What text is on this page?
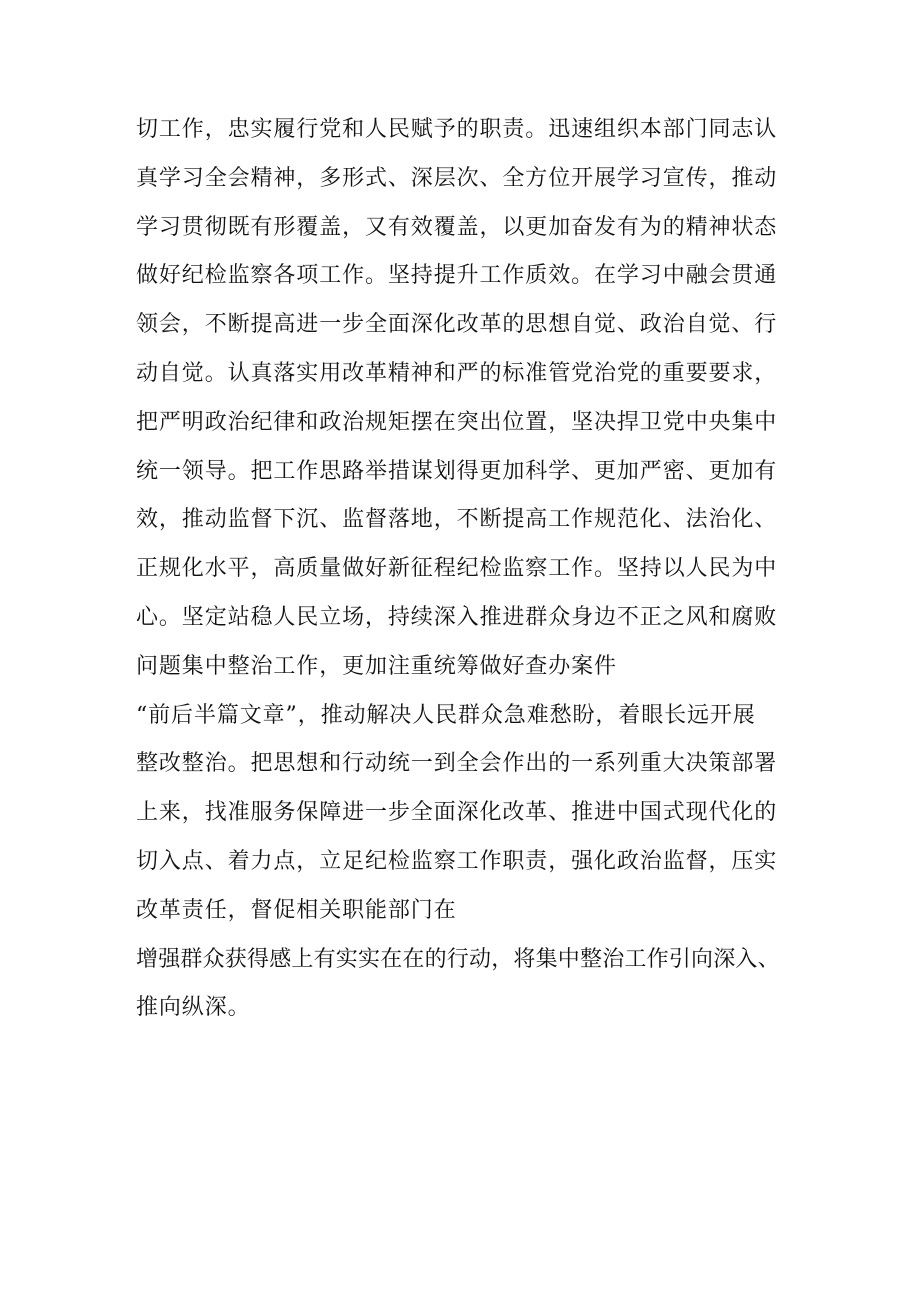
切工作，忠实履行党和人民赋予的职责。迅速组织本部门同志认
真学习全会精神，多形式、深层次、全方位开展学习宣传，推动
学习贯彻既有形覆盖，又有效覆盖，以更加奋发有为的精神状态
做好纪检监察各项工作。坚持提升工作质效。在学习中融会贯通
领会，不断提高进一步全面深化改革的思想自觉、政治自觉、行
动自觉。认真落实用改革精神和严的标准管党治党的重要要求，
把严明政治纪律和政治规矩摆在突出位置，坚决捍卫党中央集中
统一领导。把工作思路举措谋划得更加科学、更加严密、更加有
效，推动监督下沉、监督落地，不断提高工作规范化、法治化、
正规化水平，高质量做好新征程纪检监察工作。坚持以人民为中
心。坚定站稳人民立场，持续深入推进群众身边不正之风和腐败
问题集中整治工作，更加注重统筹做好查办案件
“前后半篇文章”，推动解决人民群众急难愁盼，着眼长远开展
整改整治。把思想和行动统一到全会作出的一系列重大决策部署
上来，找准服务保障进一步全面深化改革、推进中国式现代化的
切入点、着力点，立足纪检监察工作职责，强化政治监督，压实
改革责任，督促相关职能部门在
增强群众获得感上有实实在在的行动，将集中整治工作引向深入、
推向纵深。
